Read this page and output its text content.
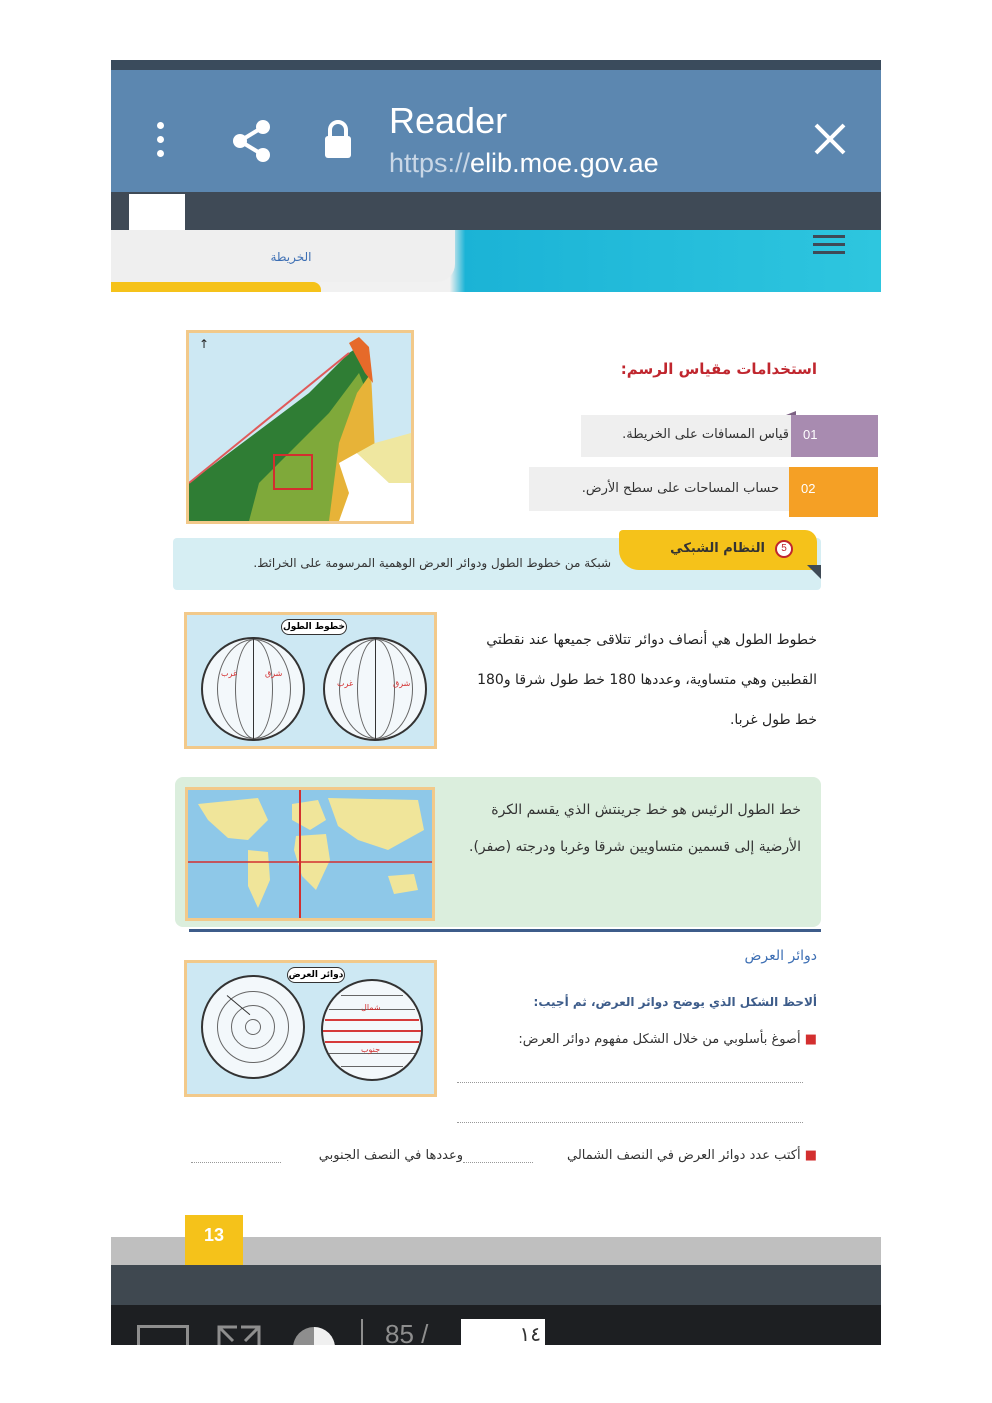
Reader
https://elib.moe.gov.ae
الخريطة
↑
استخدامات مقياس الرسم:
قياس المسافات على الخريطة. 01
حساب المساحات على سطح الأرض. 02
شبكة من خطوط الطول ودوائر العرض الوهمية المرسومة على الخرائط.
النظام الشبكي	5
خطوط الطول
غرب	شرق
غرب	شرق
خطوط الطول هي أنصاف دوائر تتلاقى جميعها عند نقطتي القطبين وهي متساوية، وعددها 180 خط طول شرقا و180 خط طول غربا.
خط الطول الرئيس هو خط جرينتش الذي يقسم الكرة الأرضية إلى قسمين متساويين شرقا وغربا ودرجته (صفر).
دوائر العرض
ألاحظ الشكل الذي يوضح دوائر العرض، ثم أجيب:
■ أصوغ بأسلوبي من خلال الشكل مفهوم دوائر العرض:
■ أكتب عدد دوائر العرض في النصف الشمالي
وعددها في النصف الجنوبي
دوائر العرض
شمال
جنوب
13
85 /	١٤
